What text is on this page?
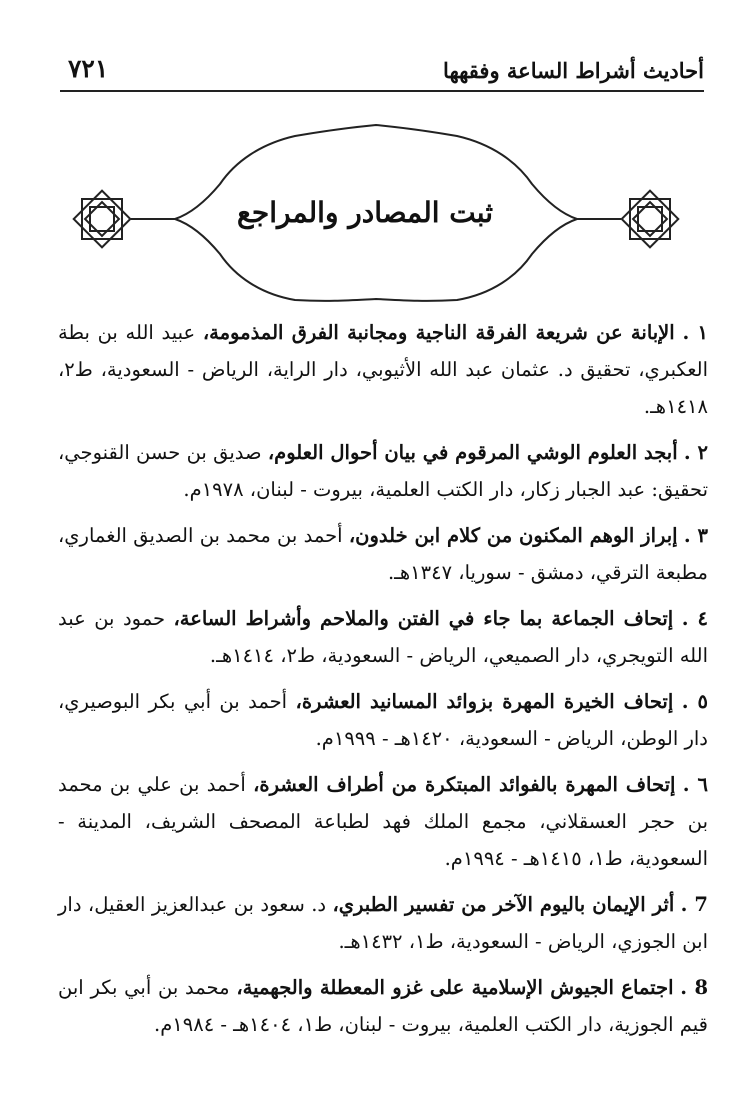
أحاديث أشراط الساعة وفقهها
٧٢١
ثبت المصادر والمراجع
١ . الإبانة عن شريعة الفرقة الناجية ومجانبة الفرق المذمومة، عبيد الله بن بطة العكبري، تحقيق د. عثمان عبد الله الأثيوبي، دار الراية، الرياض - السعودية، ط٢، ١٤١٨هـ.
٢ . أبجد العلوم الوشي المرقوم في بيان أحوال العلوم، صديق بن حسن القنوجي، تحقيق: عبد الجبار زكار، دار الكتب العلمية، بيروت - لبنان، ١٩٧٨م.
٣ . إبراز الوهم المكنون من كلام ابن خلدون، أحمد بن محمد بن الصديق الغماري، مطبعة الترقي، دمشق - سوريا، ١٣٤٧هـ.
٤ . إتحاف الجماعة بما جاء في الفتن والملاحم وأشراط الساعة، حمود بن عبد الله التويجري، دار الصميعي، الرياض - السعودية، ط٢، ١٤١٤هـ.
٥ . إتحاف الخيرة المهرة بزوائد المسانيد العشرة، أحمد بن أبي بكر البوصيري، دار الوطن، الرياض - السعودية، ١٤٢٠هـ - ١٩٩٩م.
٦ . إتحاف المهرة بالفوائد المبتكرة من أطراف العشرة، أحمد بن علي بن محمد بن حجر العسقلاني، مجمع الملك فهد لطباعة المصحف الشريف، المدينة - السعودية، ط١، ١٤١٥هـ - ١٩٩٤م.
7 . أثر الإيمان باليوم الآخر من تفسير الطبري، د. سعود بن عبدالعزيز العقيل، دار ابن الجوزي، الرياض - السعودية، ط١، ١٤٣٢هـ.
8 . اجتماع الجيوش الإسلامية على غزو المعطلة والجهمية، محمد بن أبي بكر ابن قيم الجوزية، دار الكتب العلمية، بيروت - لبنان، ط١، ١٤٠٤هـ - ١٩٨٤م.
